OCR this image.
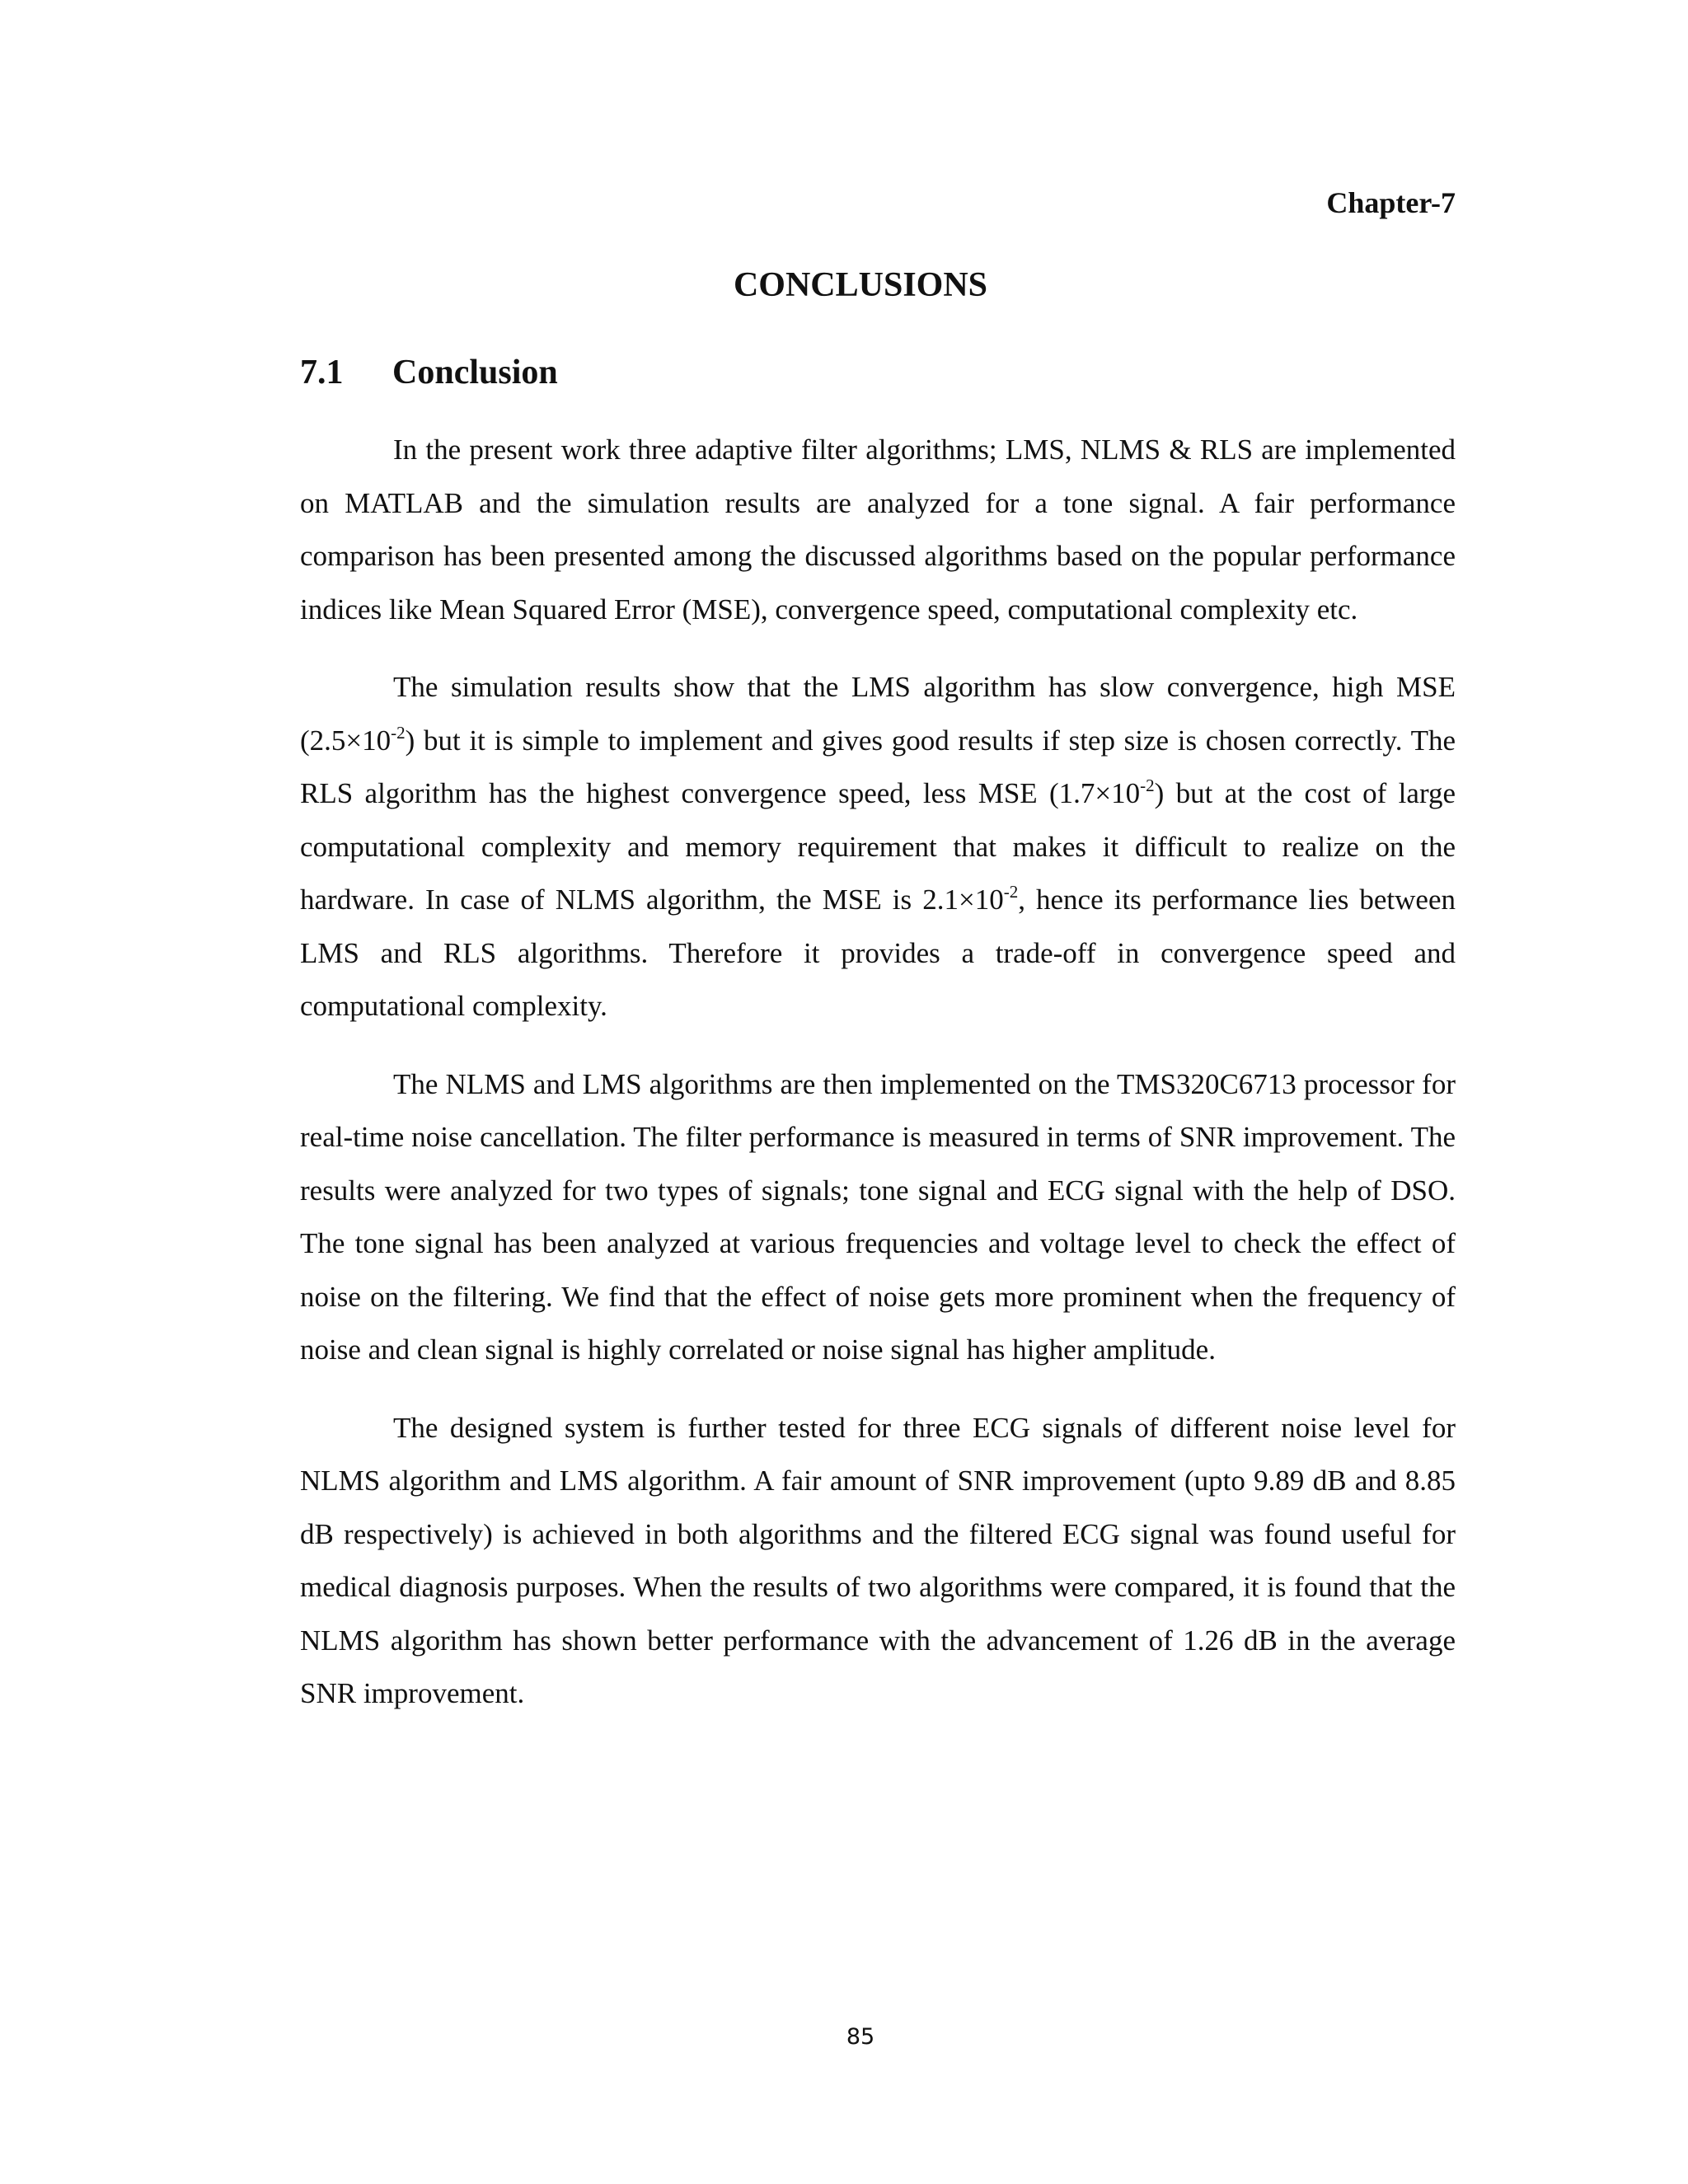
Chapter-7

CONCLUSIONS
7.1 Conclusion

In the present work three adaptive filter algorithms; LMS, NLMS & RLS are implemented on MATLAB and the simulation results are analyzed for a tone signal. A fair performance comparison has been presented among the discussed algorithms based on the popular performance indices like Mean Squared Error (MSE), convergence speed, computational complexity etc.

The simulation results show that the LMS algorithm has slow convergence, high MSE $(2.5\times 10^{-2})$ but it is simple to implement and gives good results if step size is chosen correctly. The RLS algorithm has the highest convergence speed, less MSE $(1.7\times 10^{-2})$ but at the cost of large computational complexity and memory requirement that makes it difficult to realize on the hardware. In case of NLMS algorithm, the MSE is $2.1\times 10^{-2}$, hence its performance lies between LMS and RLS algorithms. Therefore it provides a trade-off in convergence speed and computational complexity.

The NLMS and LMS algorithms are then implemented on the TMS320C6713 processor for real-time noise cancellation. The filter performance is measured in terms of SNR improvement. The results were analyzed for two types of signals; tone signal and ECG signal with the help of DSO. The tone signal has been analyzed at various frequencies and voltage level to check the effect of noise on the filtering. We find that the effect of noise gets more prominent when the frequency of noise and clean signal is highly correlated or noise signal has higher amplitude.

The designed system is further tested for three ECG signals of different noise level for NLMS algorithm and LMS algorithm. A fair amount of SNR improvement (upto 9.89 dB and 8.85 dB respectively) is achieved in both algorithms and the filtered ECG signal was found useful for medical diagnosis purposes. When the results of two algorithms were compared, it is found that the NLMS algorithm has shown better performance with the advancement of 1.26 dB in the average SNR improvement.

85
